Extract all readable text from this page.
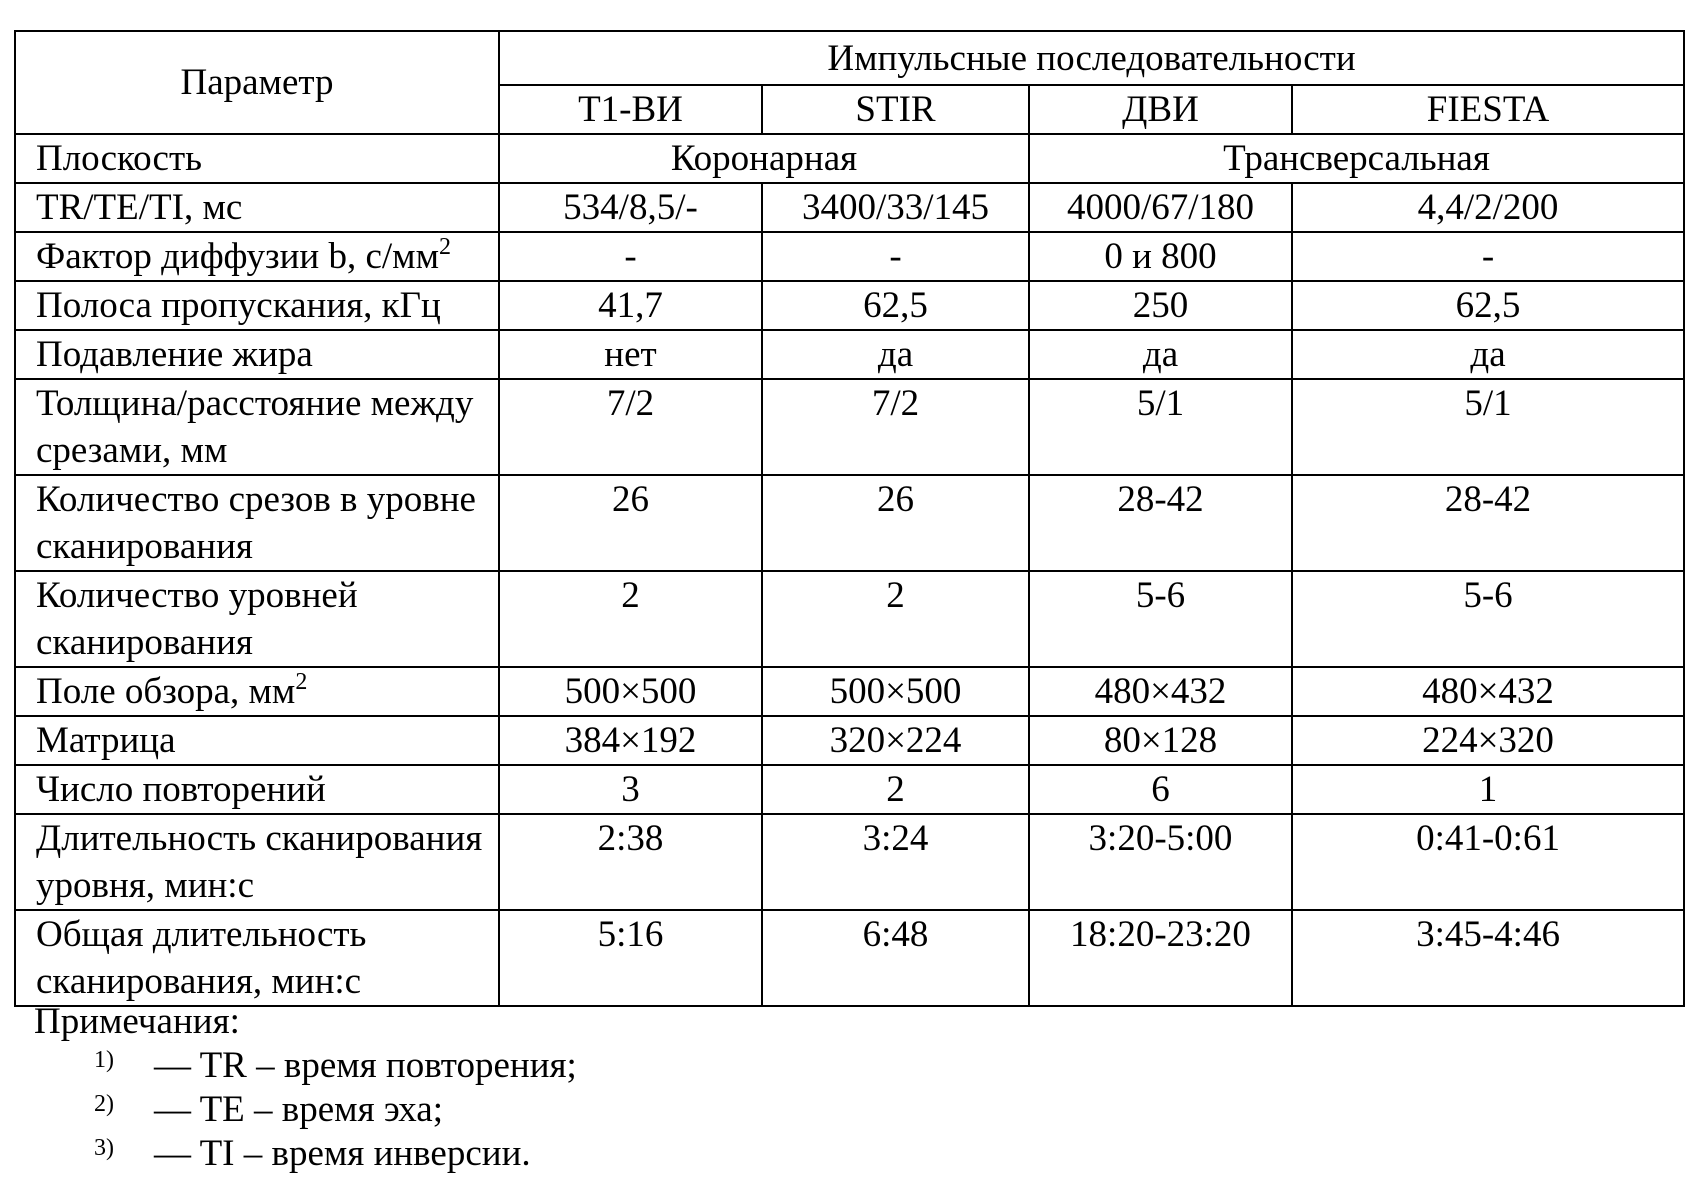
Параметр	Импульсные последовательности			
	T1-ВИ	STIR	ДВИ	FIESTA
Плоскость	Коронарная		Трансверсальная	
TR/TE/TI, мс	534/8,5/-	3400/33/145	4000/67/180	4,4/2/200
Фактор диффузии b, $с/мм^2$	-	-	0 и 800	-
Полоса пропускания, кГц	41,7	62,5	250	62,5
Подавление жира	нет	да	да	да
Толщина/расстояние между срезами, мм	7/2	7/2	5/1	5/1
Количество срезов в уровне сканирования	26	26	28-42	28-42
Количество уровней сканирования	2	2	5-6	5-6
Поле обзора, $мм^2$	500×500	500×500	480×432	480×432
Матрица	384×192	320×224	80×128	224×320
Число повторений	3	2	6	1
Длительность сканирования уровня, мин:с	2:38	3:24	3:20-5:00	0:41-0:61
Общая длительность сканирования, мин:с	5:16	6:48	18:20-23:20	3:45-4:46
Примечания:
1) — TR – время повторения;
2) — TE – время эха;
3) — TI – время инверсии.
